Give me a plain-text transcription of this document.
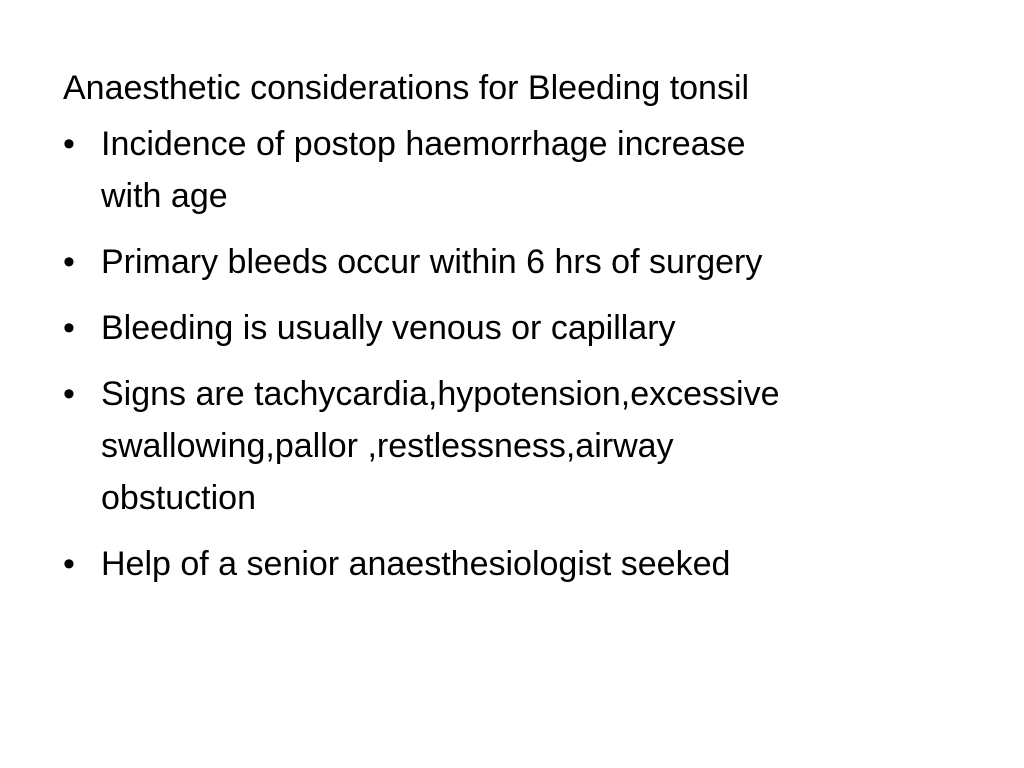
Anaesthetic considerations for Bleeding tonsil
• Incidence of postop haemorrhage increase
with age
• Primary bleeds occur within 6 hrs of surgery
• Bleeding is usually venous or capillary
• Signs are tachycardia,hypotension,excessive
swallowing,pallor ,restlessness,airway
obstuction
• Help of a senior anaesthesiologist seeked
